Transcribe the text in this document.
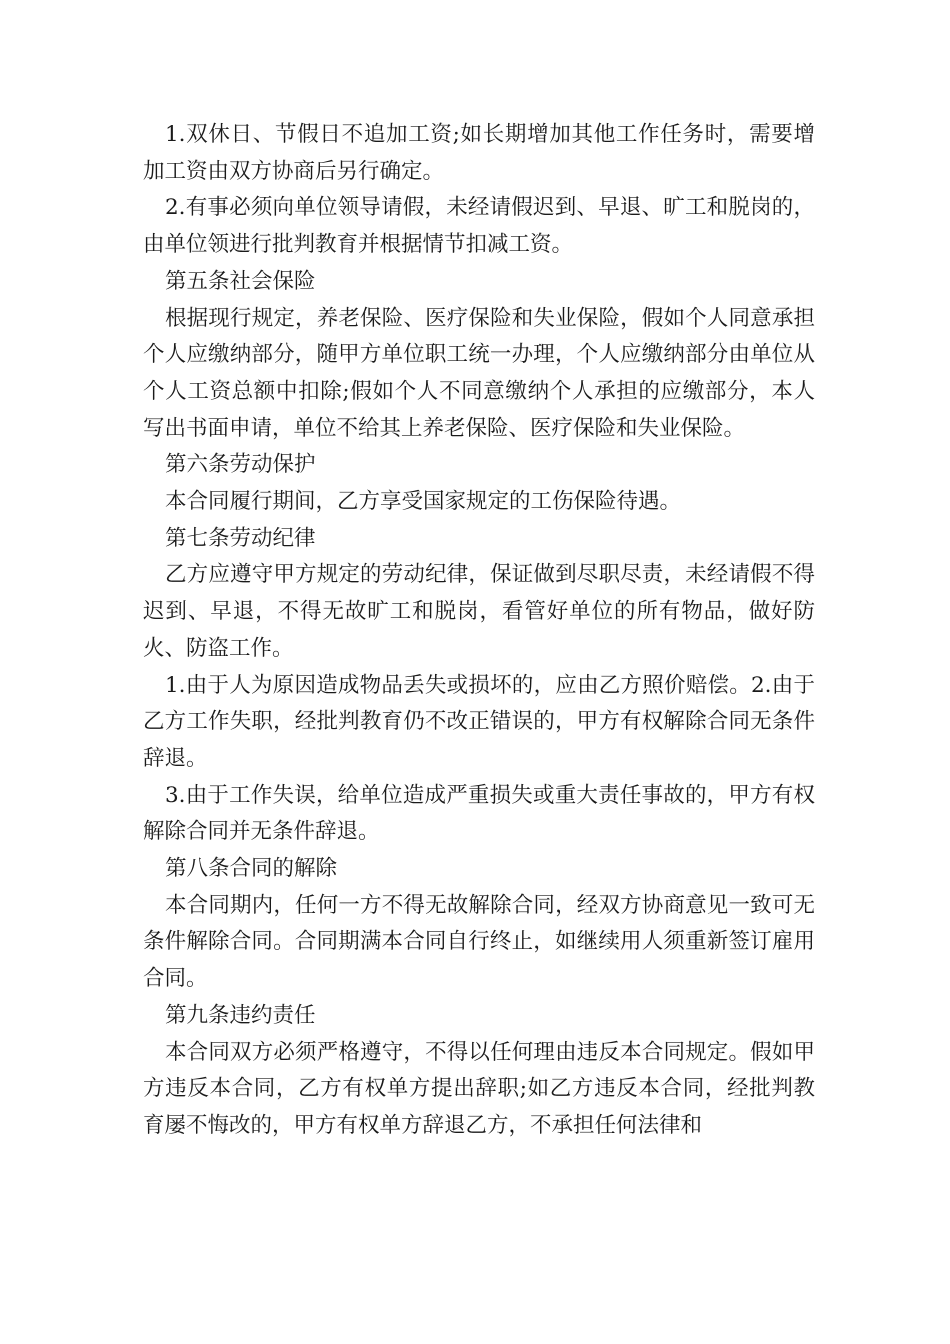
1.双休日、节假日不追加工资;如长期增加其他工作任务时，需要增加工资由双方协商后另行确定。

2.有事必须向单位领导请假，未经请假迟到、早退、旷工和脱岗的，由单位领进行批判教育并根据情节扣减工资。

第五条社会保险

根据现行规定，养老保险、医疗保险和失业保险，假如个人同意承担个人应缴纳部分，随甲方单位职工统一办理，个人应缴纳部分由单位从个人工资总额中扣除;假如个人不同意缴纳个人承担的应缴部分，本人写出书面申请，单位不给其上养老保险、医疗保险和失业保险。

第六条劳动保护

本合同履行期间，乙方享受国家规定的工伤保险待遇。

第七条劳动纪律

乙方应遵守甲方规定的劳动纪律，保证做到尽职尽责，未经请假不得迟到、早退，不得无故旷工和脱岗，看管好单位的所有物品，做好防火、防盗工作。

1.由于人为原因造成物品丢失或损坏的，应由乙方照价赔偿。2.由于乙方工作失职，经批判教育仍不改正错误的，甲方有权解除合同无条件辞退。

3.由于工作失误，给单位造成严重损失或重大责任事故的，甲方有权解除合同并无条件辞退。

第八条合同的解除

本合同期内，任何一方不得无故解除合同，经双方协商意见一致可无条件解除合同。合同期满本合同自行终止，如继续用人须重新签订雇用合同。

第九条违约责任

本合同双方必须严格遵守，不得以任何理由违反本合同规定。假如甲方违反本合同，乙方有权单方提出辞职;如乙方违反本合同，经批判教育屡不悔改的，甲方有权单方辞退乙方，不承担任何法律和
